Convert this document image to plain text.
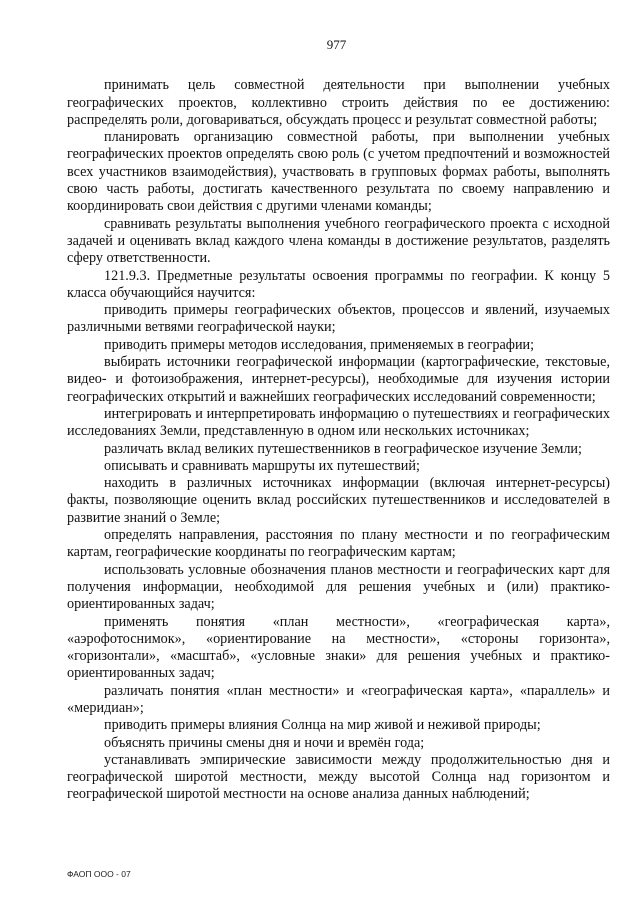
977

принимать цель совместной деятельности при выполнении учебных географических проектов, коллективно строить действия по ее достижению: распределять роли, договариваться, обсуждать процесс и результат совместной работы;

планировать организацию совместной работы, при выполнении учебных географических проектов определять свою роль (с учетом предпочтений и возможностей всех участников взаимодействия), участвовать в групповых формах работы, выполнять свою часть работы, достигать качественного результата по своему направлению и координировать свои действия с другими членами команды;

сравнивать результаты выполнения учебного географического проекта с исходной задачей и оценивать вклад каждого члена команды в достижение результатов, разделять сферу ответственности.

121.9.3. Предметные результаты освоения программы по географии. К концу 5 класса обучающийся научится:

приводить примеры географических объектов, процессов и явлений, изучаемых различными ветвями географической науки;

приводить примеры методов исследования, применяемых в географии;

выбирать источники географической информации (картографические, текстовые, видео- и фотоизображения, интернет-ресурсы), необходимые для изучения истории географических открытий и важнейших географических исследований современности;

интегрировать и интерпретировать информацию о путешествиях и географических исследованиях Земли, представленную в одном или нескольких источниках;

различать вклад великих путешественников в географическое изучение Земли;

описывать и сравнивать маршруты их путешествий;

находить в различных источниках информации (включая интернет-ресурсы) факты, позволяющие оценить вклад российских путешественников и исследователей в развитие знаний о Земле;

определять направления, расстояния по плану местности и по географическим картам, географические координаты по географическим картам;

использовать условные обозначения планов местности и географических карт для получения информации, необходимой для решения учебных и (или) практико-ориентированных задач;

применять понятия «план местности», «географическая карта», «аэрофотоснимок», «ориентирование на местности», «стороны горизонта», «горизонтали», «масштаб», «условные знаки» для решения учебных и практико-ориентированных задач;

различать понятия «план местности» и «географическая карта», «параллель» и «меридиан»;

приводить примеры влияния Солнца на мир живой и неживой природы;

объяснять причины смены дня и ночи и времён года;

устанавливать эмпирические зависимости между продолжительностью дня и географической широтой местности, между высотой Солнца над горизонтом и географической широтой местности на основе анализа данных наблюдений;

ФАОП ООО - 07
